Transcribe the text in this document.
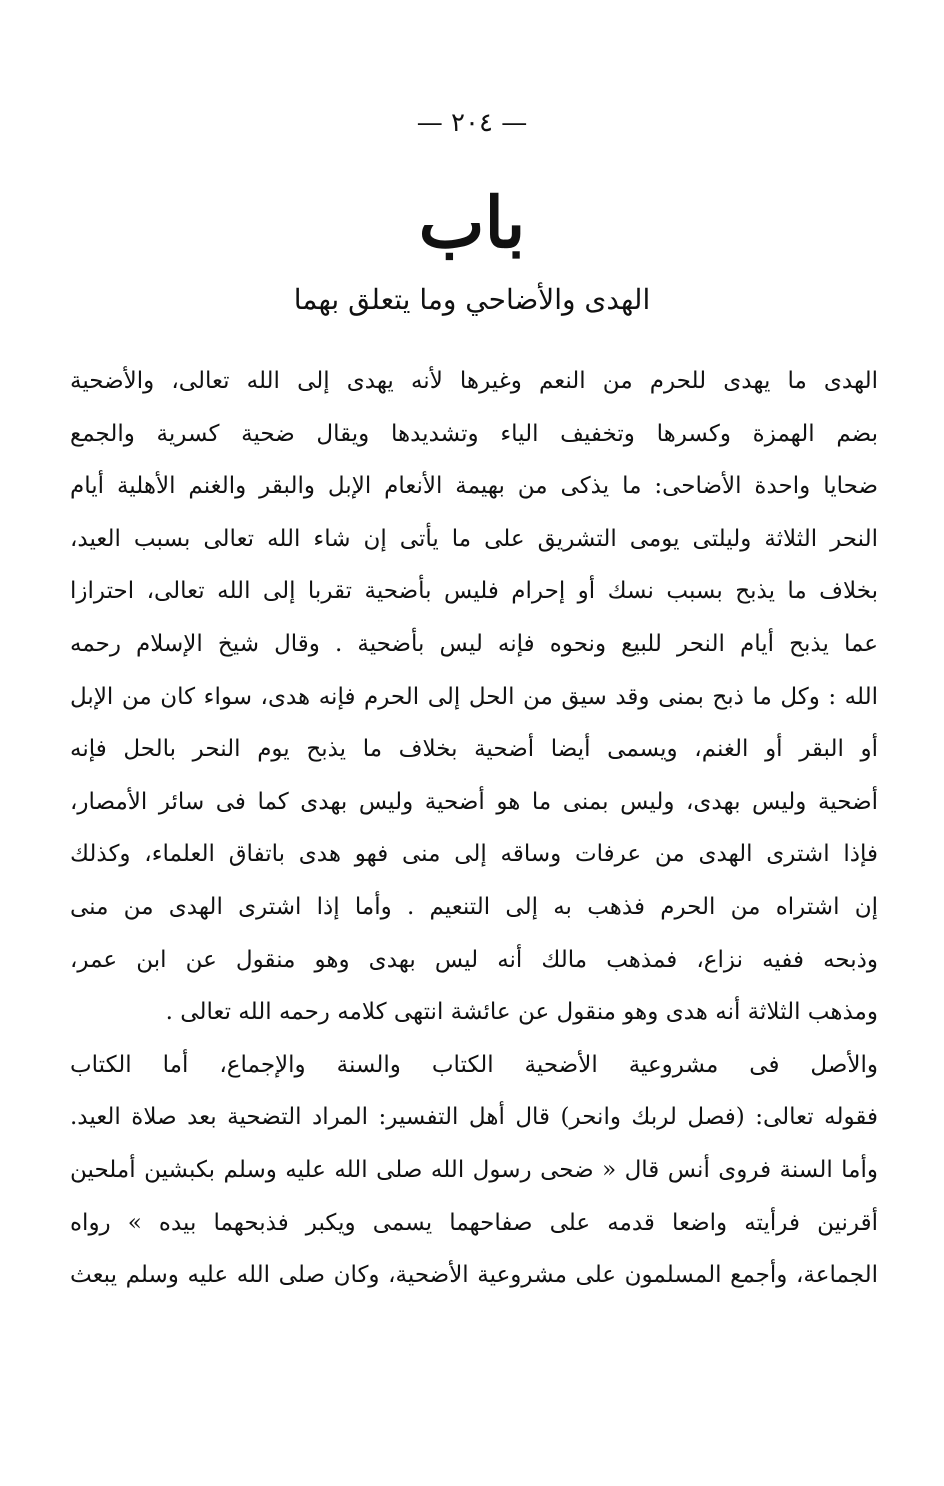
— ٢٠٤ —
باب
الهدى والأضاحي وما يتعلق بهما
الهدى ما يهدى للحرم من النعم وغيرها لأنه يهدى إلى الله تعالى، والأضحية
بضم الهمزة وكسرها وتخفيف الياء وتشديدها ويقال ضحية كسرية والجمع
ضحايا واحدة الأضاحى: ما يذكى من بهيمة الأنعام الإبل والبقر والغنم الأهلية أيام
النحر الثلاثة وليلتى يومى التشريق على ما يأتى إن شاء الله تعالى بسبب العيد،
بخلاف ما يذبح بسبب نسك أو إحرام فليس بأضحية تقربا إلى الله تعالى، احترازا
عما يذبح أيام النحر للبيع ونحوه فإنه ليس بأضحية . وقال شيخ الإسلام رحمه
الله : وكل ما ذبح بمنى وقد سيق من الحل إلى الحرم فإنه هدى، سواء كان من الإبل
أو البقر أو الغنم، ويسمى أيضا أضحية بخلاف ما يذبح يوم النحر بالحل فإنه
أضحية وليس بهدى، وليس بمنى ما هو أضحية وليس بهدى كما فى سائر الأمصار،
فإذا اشترى الهدى من عرفات وساقه إلى منى فهو هدى باتفاق العلماء، وكذلك
إن اشتراه من الحرم فذهب به إلى التنعيم . وأما إذا اشترى الهدى من منى
وذبحه ففيه نزاع، فمذهب مالك أنه ليس بهدى وهو منقول عن ابن عمر،
ومذهب الثلاثة أنه هدى وهو منقول عن عائشة انتهى كلامه رحمه الله تعالى .
والأصل فى مشروعية الأضحية الكتاب والسنة والإجماع، أما الكتاب
فقوله تعالى: (فصل لربك وانحر) قال أهل التفسير: المراد التضحية بعد صلاة العيد.
وأما السنة فروى أنس قال « ضحى رسول الله صلى الله عليه وسلم بكبشين أملحين
أقرنين فرأيته واضعا قدمه على صفاحهما يسمى ويكبر فذبحهما بيده » رواه
الجماعة، وأجمع المسلمون على مشروعية الأضحية، وكان صلى الله عليه وسلم يبعث
